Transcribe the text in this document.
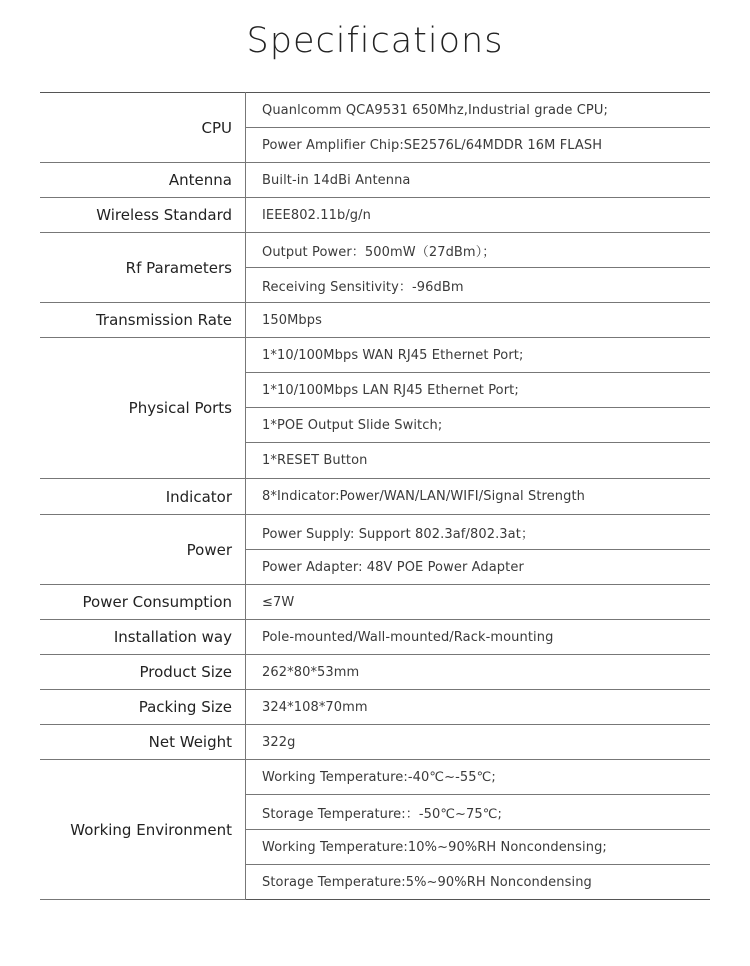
Specifications
CPU	Quanlcomm QCA9531 650Mhz,Industrial grade CPU;
	Power Amplifier Chip:SE2576L/64MDDR 16M FLASH
Antenna	Built-in 14dBi Antenna
Wireless Standard	IEEE802.11b/g/n
Rf Parameters	Output Power：500mW（27dBm）；
	Receiving Sensitivity：-96dBm
Transmission Rate	150Mbps
Physical Ports	1*10/100Mbps WAN RJ45 Ethernet Port;
	1*10/100Mbps LAN RJ45 Ethernet Port;
	1*POE Output Slide Switch;
	1*RESET Button
Indicator	8*Indicator:Power/WAN/LAN/WIFI/Signal Strength
Power	Power Supply: Support 802.3af/802.3at；
	Power Adapter: 48V POE Power Adapter
Power Consumption	≤7W
Installation way	Pole-mounted/Wall-mounted/Rack-mounting
Product Size	262*80*53mm
Packing Size	324*108*70mm
Net Weight	322g
Working Environment	Working Temperature:-40℃~-55℃;
	Storage Temperature:：-50℃~75℃;
	Working Temperature:10%~90%RH Noncondensing;
	Storage Temperature:5%~90%RH Noncondensing
